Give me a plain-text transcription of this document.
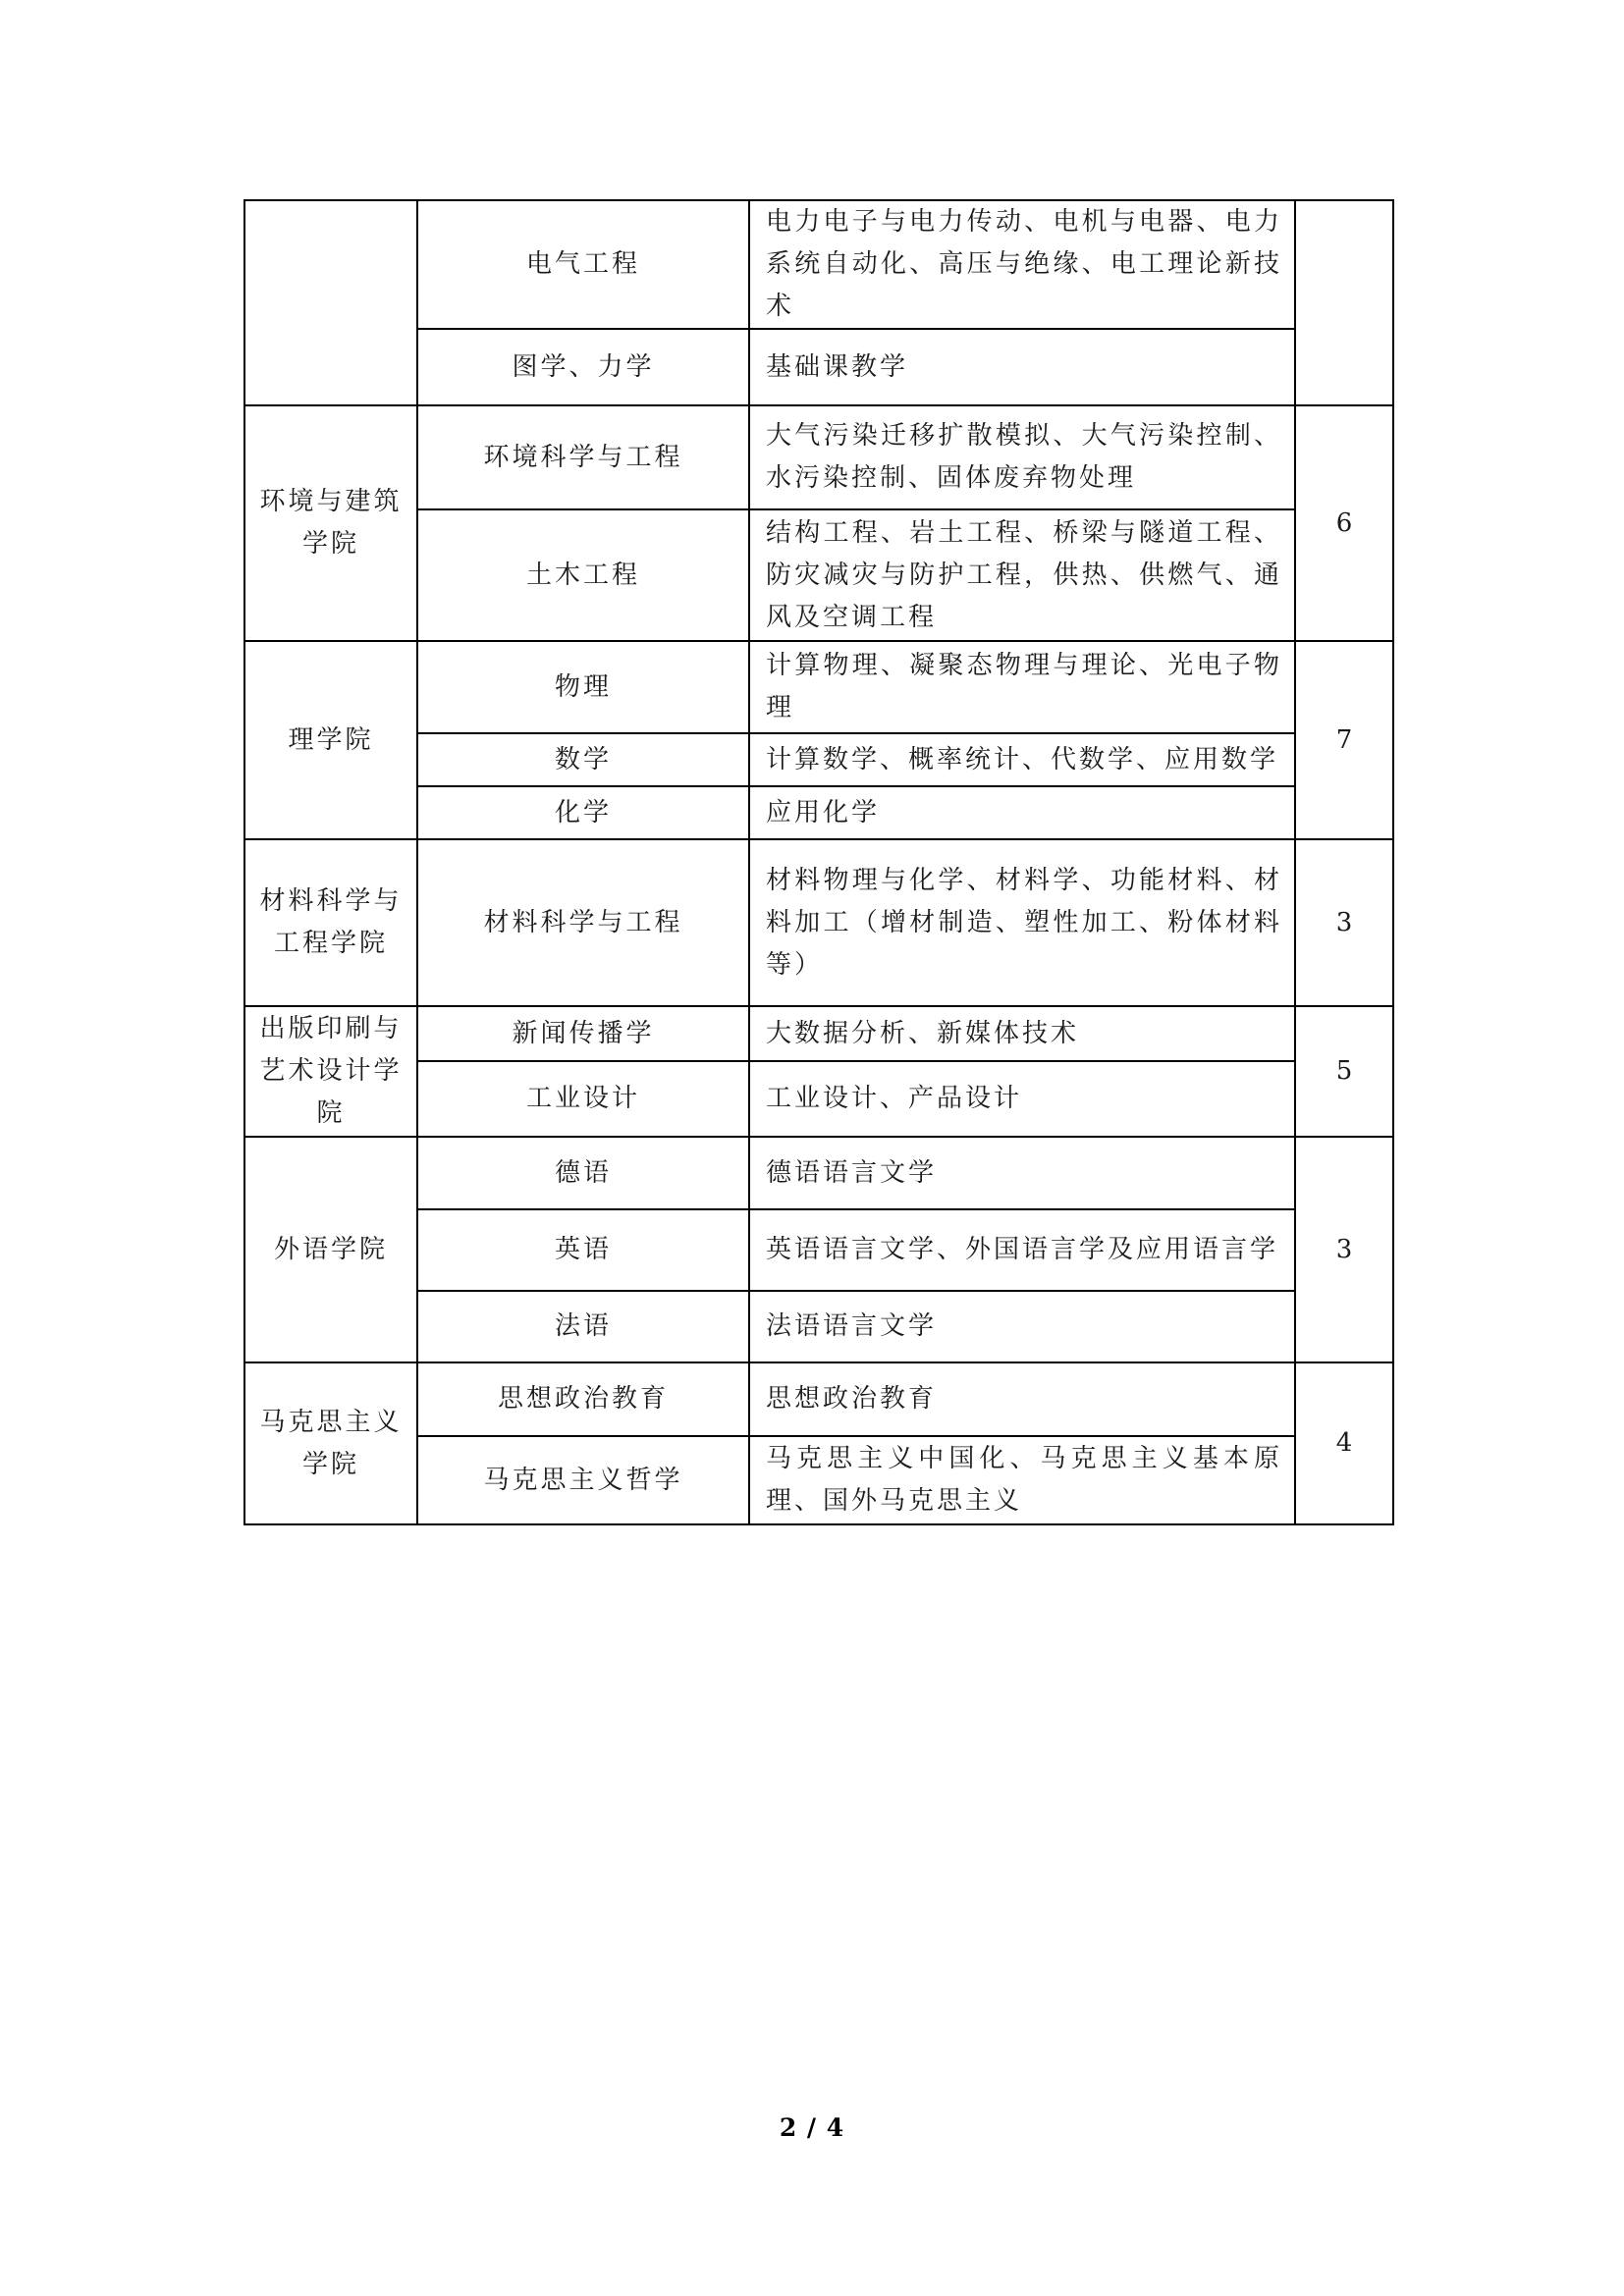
	电气工程	电力电子与电力传动、电机与电器、电力系统自动化、高压与绝缘、电工理论新技术	
	图学、力学	基础课教学	
环境与建筑学院	环境科学与工程	大气污染迁移扩散模拟、大气污染控制、水污染控制、固体废弃物处理	6
	土木工程	结构工程、岩土工程、桥梁与隧道工程、防灾减灾与防护工程，供热、供燃气、通风及空调工程	
理学院	物理	计算物理、凝聚态物理与理论、光电子物理	7
	数学	计算数学、概率统计、代数学、应用数学	
	化学	应用化学	
材料科学与工程学院	材料科学与工程	材料物理与化学、材料学、功能材料、材料加工（增材制造、塑性加工、粉体材料等）	3
出版印刷与艺术设计学院	新闻传播学	大数据分析、新媒体技术	5
	工业设计	工业设计、产品设计	
外语学院	德语	德语语言文学	3
	英语	英语语言文学、外国语言学及应用语言学	
	法语	法语语言文学	
马克思主义学院	思想政治教育	思想政治教育	4
	马克思主义哲学	马克思主义中国化、马克思主义基本原理、国外马克思主义	
2 / 4
